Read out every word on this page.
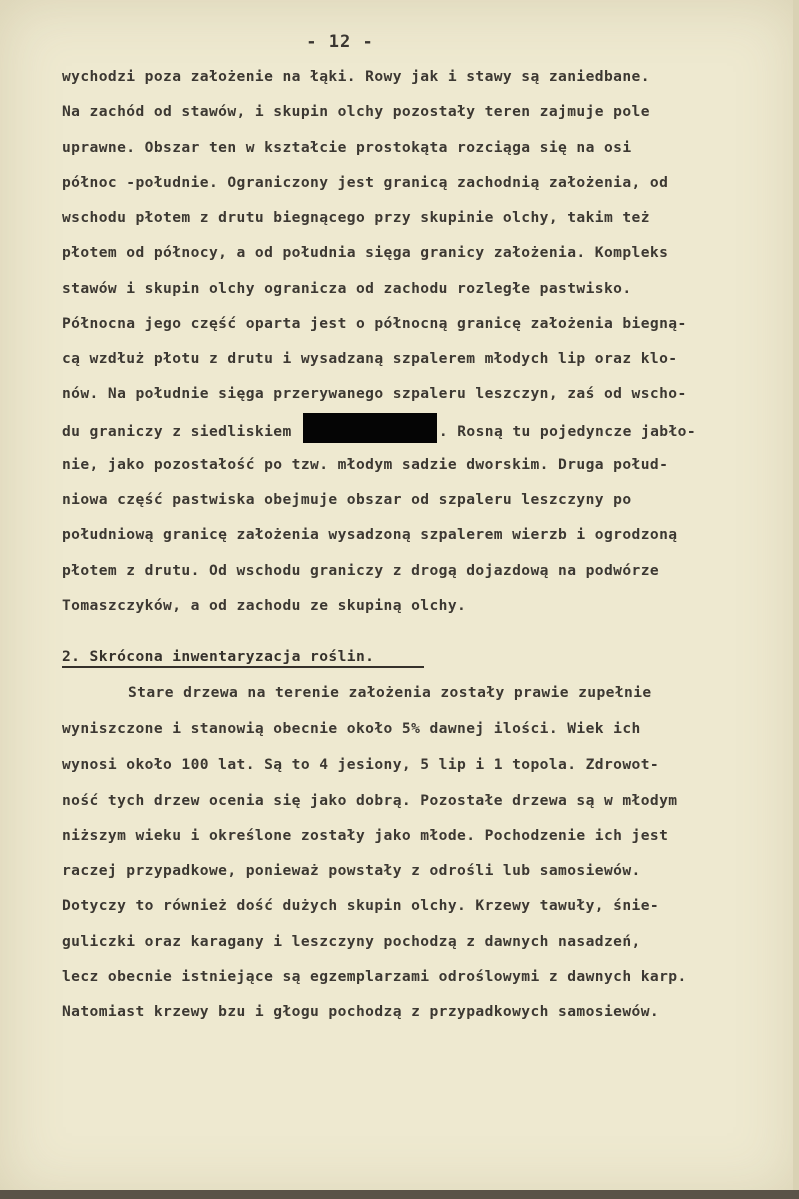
- 12 -
wychodzi poza założenie na łąki. Rowy jak i stawy są zaniedbane.
Na zachód od stawów, i skupin olchy pozostały teren zajmuje pole
uprawne. Obszar ten w kształcie prostokąta rozciąga się na osi
północ -południe. Ograniczony jest granicą zachodnią założenia, od
wschodu płotem z drutu biegnącego przy skupinie olchy, takim też
płotem od północy, a od południa sięga granicy założenia. Kompleks
stawów i skupin olchy ogranicza od zachodu rozległe pastwisko.
Północna jego część oparta jest o północną granicę założenia biegną-
cą wzdłuż płotu z drutu i wysadzaną szpalerem młodych lip oraz klo-
nów. Na południe sięga przerywanego szpaleru leszczyn, zaś od wscho-
du graniczy z siedliskiem	. Rosną tu pojedyncze jabło-
nie, jako pozostałość po tzw. młodym sadzie dworskim. Druga połud-
niowa część pastwiska obejmuje obszar od szpaleru leszczyny po
południową granicę założenia wysadzoną szpalerem wierzb i ogrodzoną
płotem z drutu. Od wschodu graniczy z drogą dojazdową na podwórze
Tomaszczyków, a od zachodu ze skupiną olchy.
2. Skrócona inwentaryzacja roślin.
Stare drzewa na terenie założenia zostały prawie zupełnie
wyniszczone i stanowią obecnie około 5% dawnej ilości. Wiek ich
wynosi około 100 lat. Są to 4 jesiony, 5 lip i 1 topola. Zdrowot-
ność tych drzew ocenia się jako dobrą. Pozostałe drzewa są w młodym
niższym wieku i określone zostały jako młode. Pochodzenie ich jest
raczej przypadkowe, ponieważ powstały z odrośli lub samosiewów.
Dotyczy to również dość dużych skupin olchy. Krzewy tawuły, śnie-
guliczki oraz karagany i leszczyny pochodzą z dawnych nasadzeń,
lecz obecnie istniejące są egzemplarzami odroślowymi z dawnych karp.
Natomiast krzewy bzu i głogu pochodzą z przypadkowych samosiewów.
